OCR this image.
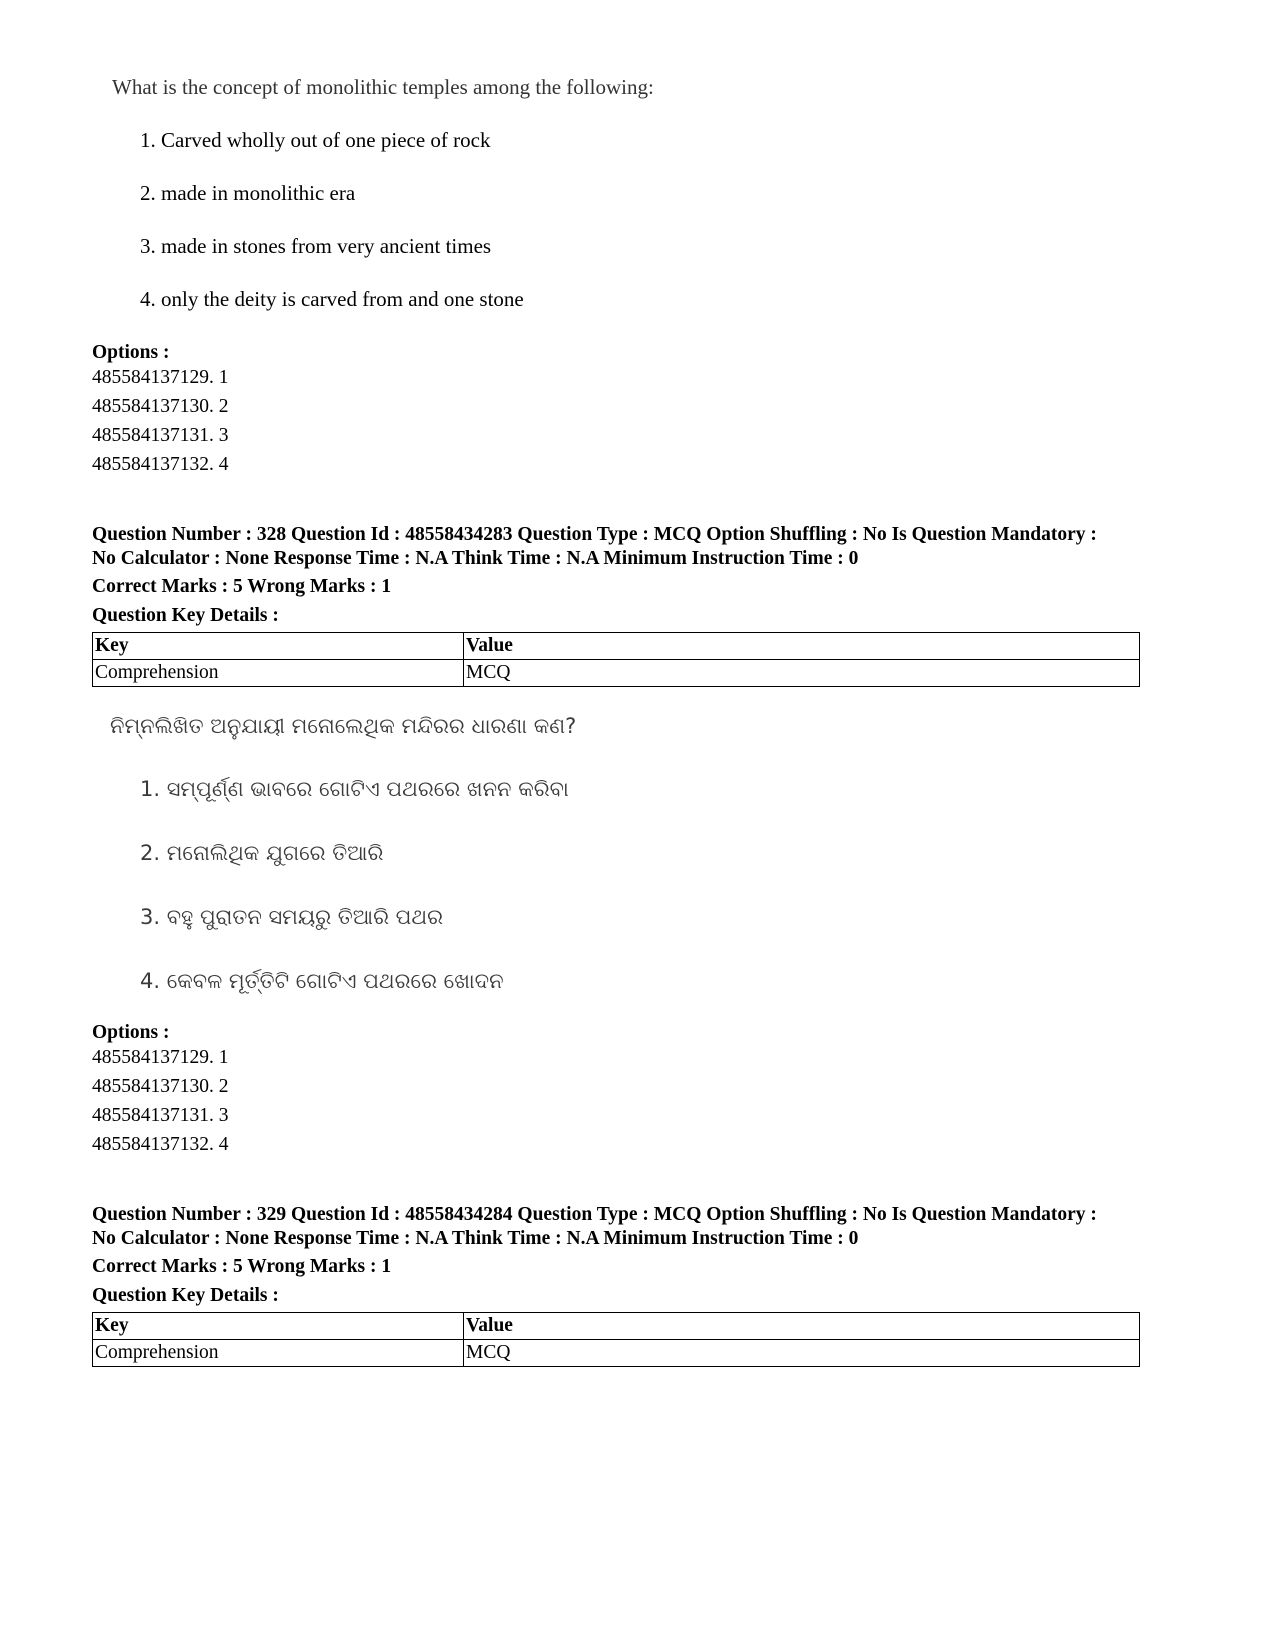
What is the concept of monolithic temples among the following:
1. Carved wholly out of one piece of rock
2. made in monolithic era
3. made in stones from very ancient times
4. only the deity is carved from and one stone
Options :
485584137129. 1
485584137130. 2
485584137131. 3
485584137132. 4
Question Number : 328 Question Id : 48558434283 Question Type : MCQ Option Shuffling : No Is Question Mandatory :
No Calculator : None Response Time : N.A Think Time : N.A Minimum Instruction Time : 0
Correct Marks : 5 Wrong Marks : 1
Question Key Details :
Key	Value
Comprehension	MCQ
ନିମ୍ନଲିଖିତ ଅନୁଯାୟୀ ମନୋଲେଥିକ ମନ୍ଦିରର ଧାରଣା କଣ?
1. ସମ୍ପୂର୍ଣ୍ଣ ଭାବରେ ଗୋଟିଏ ପଥରରେ ଖନନ କରିବା
2. ମନୋଲିଥିକ ଯୁଗରେ ତିଆରି
3. ବହୁ ପୁରାତନ ସମୟରୁ ତିଆରି ପଥର
4. କେବଳ ମୂର୍ତ୍ତିଟି ଗୋଟିଏ ପଥରରେ ଖୋଦନ
Options :
485584137129. 1
485584137130. 2
485584137131. 3
485584137132. 4
Question Number : 329 Question Id : 48558434284 Question Type : MCQ Option Shuffling : No Is Question Mandatory :
No Calculator : None Response Time : N.A Think Time : N.A Minimum Instruction Time : 0
Correct Marks : 5 Wrong Marks : 1
Question Key Details :
Key	Value
Comprehension	MCQ
